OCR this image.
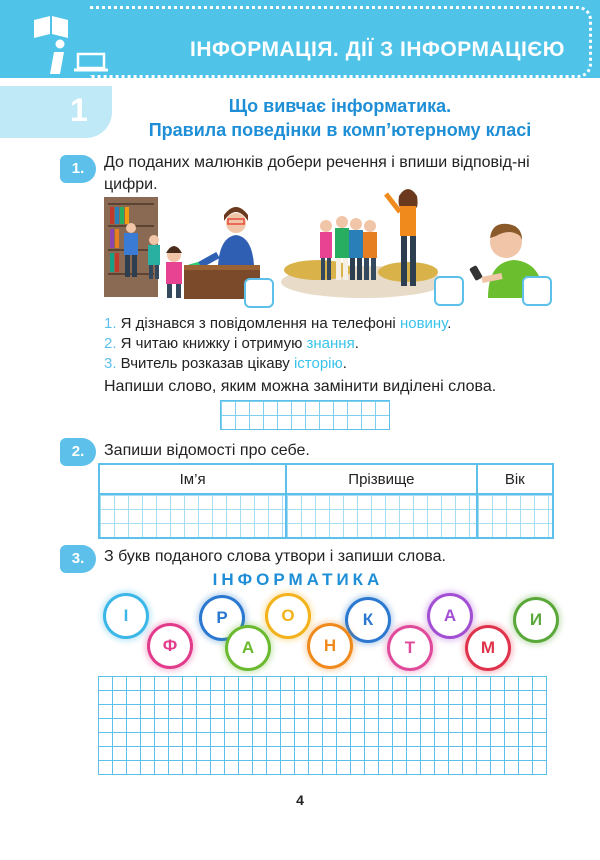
ІНФОРМАЦІЯ. ДІЇ З ІНФОРМАЦІЄЮ
1	Що вивчає інформатика.
Правила поведінки в комп’ютерному класі
1.	До поданих малюнків добери речення і впиши відповід-ні цифри.
1. Я дізнався з повідомлення на телефоні новину.
2. Я читаю книжку і отримую знання.
3. Вчитель розказав цікаву історію.
Напиши слово, яким можна замінити виділені слова.
2.	Запиши відомості про себе.
Ім’я	Прізвище	Вік

3.	З букв поданого слова утвори і запиши слова.
ІНФОРМАТИКА
І	Р	О	К	А	И
Ф	А	Н	Т	М
4
